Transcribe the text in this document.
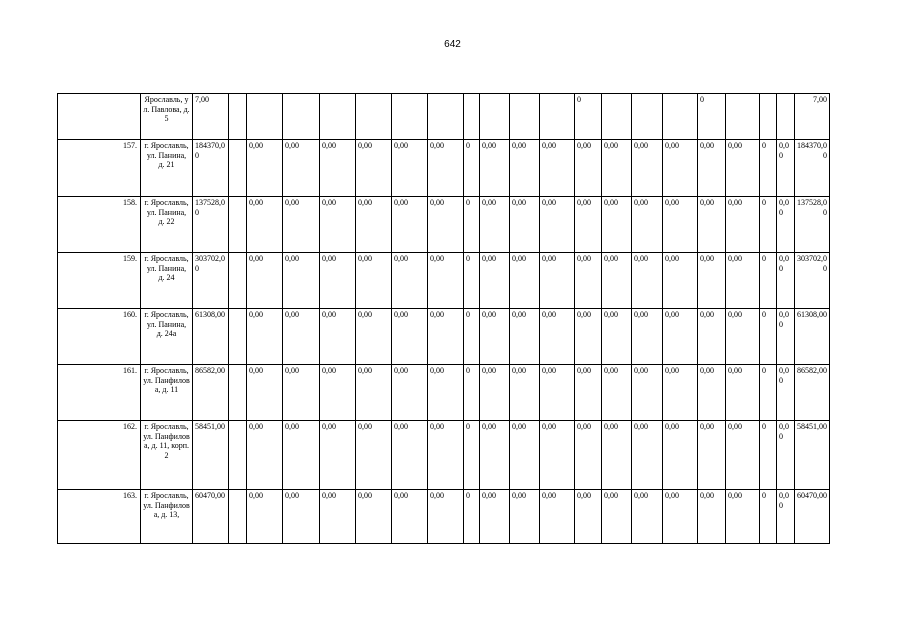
642
	Ярославль, ул. Павлова, д. 5	7,00												0				0				7,00
157.	г. Ярославль, ул. Панина, д. 21	184370,00		0,00	0,00	0,00	0,00	0,00	0,00	0	0,00	0,00	0,00	0,00	0,00	0,00	0,00	0,00	0,00	0	0,00	184370,00
158.	г. Ярославль, ул. Панина, д. 22	137528,00		0,00	0,00	0,00	0,00	0,00	0,00	0	0,00	0,00	0,00	0,00	0,00	0,00	0,00	0,00	0,00	0	0,00	137528,00
159.	г. Ярославль, ул. Панина, д. 24	303702,00		0,00	0,00	0,00	0,00	0,00	0,00	0	0,00	0,00	0,00	0,00	0,00	0,00	0,00	0,00	0,00	0	0,00	303702,00
160.	г. Ярославль, ул. Панина, д. 24а	61308,00		0,00	0,00	0,00	0,00	0,00	0,00	0	0,00	0,00	0,00	0,00	0,00	0,00	0,00	0,00	0,00	0	0,00	61308,00
161.	г. Ярославль, ул. Панфилова, д. 11	86582,00		0,00	0,00	0,00	0,00	0,00	0,00	0	0,00	0,00	0,00	0,00	0,00	0,00	0,00	0,00	0,00	0	0,00	86582,00
162.	г. Ярославль, ул. Панфилова, д. 11, корп. 2	58451,00		0,00	0,00	0,00	0,00	0,00	0,00	0	0,00	0,00	0,00	0,00	0,00	0,00	0,00	0,00	0,00	0	0,00	58451,00
163.	г. Ярославль, ул. Панфилова, д. 13,	60470,00		0,00	0,00	0,00	0,00	0,00	0,00	0	0,00	0,00	0,00	0,00	0,00	0,00	0,00	0,00	0,00	0	0,00	60470,00
